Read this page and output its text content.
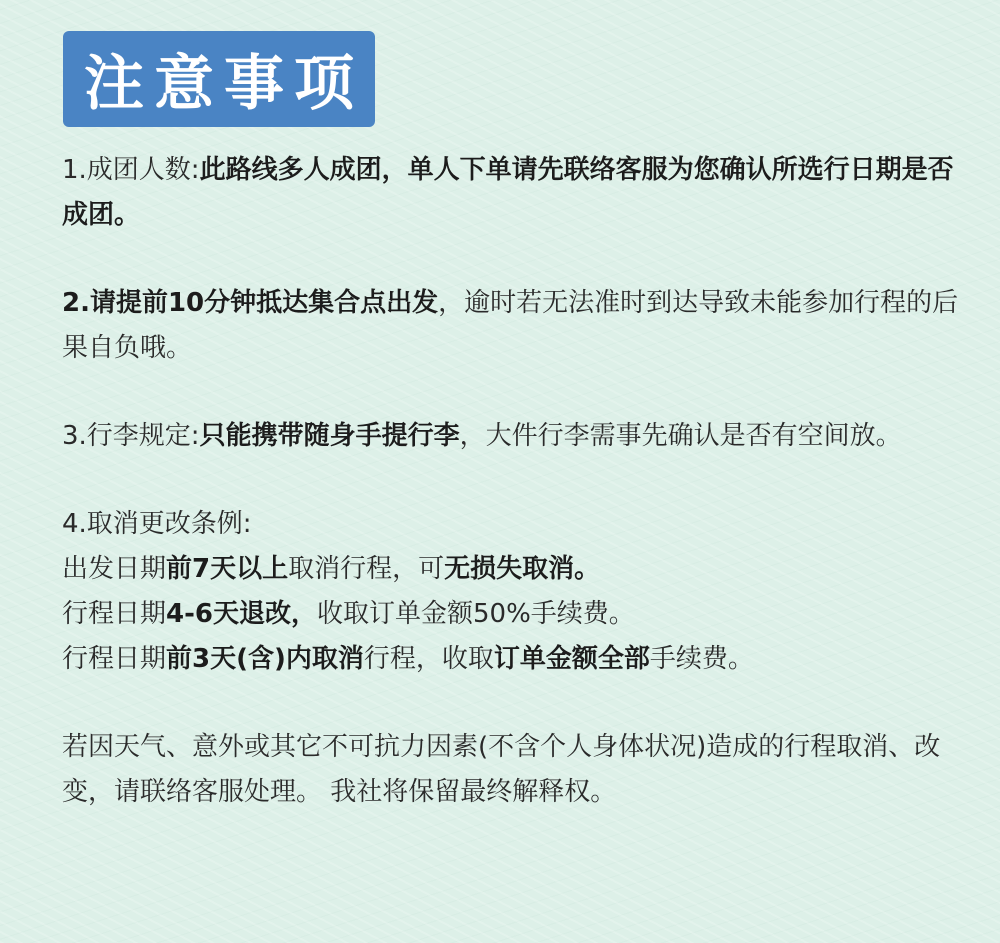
注意事项

1.成团人数:此路线多人成团，单人下单请先联络客服为您确认所选行日期是否成团。

2.请提前10分钟抵达集合点出发，逾时若无法准时到达导致未能参加行程的后果自负哦。

3.行李规定:只能携带随身手提行李，大件行李需事先确认是否有空间放。

4.取消更改条例:

出发日期前7天以上取消行程，可无损失取消。

行程日期4-6天退改，收取订单金额50%手续费。

行程日期前3天(含)内取消行程，收取订单金额全部手续费。

若因天气、意外或其它不可抗力因素(不含个人身体状况)造成的行程取消、改变，请联络客服处理。 我社将保留最终解释权。
